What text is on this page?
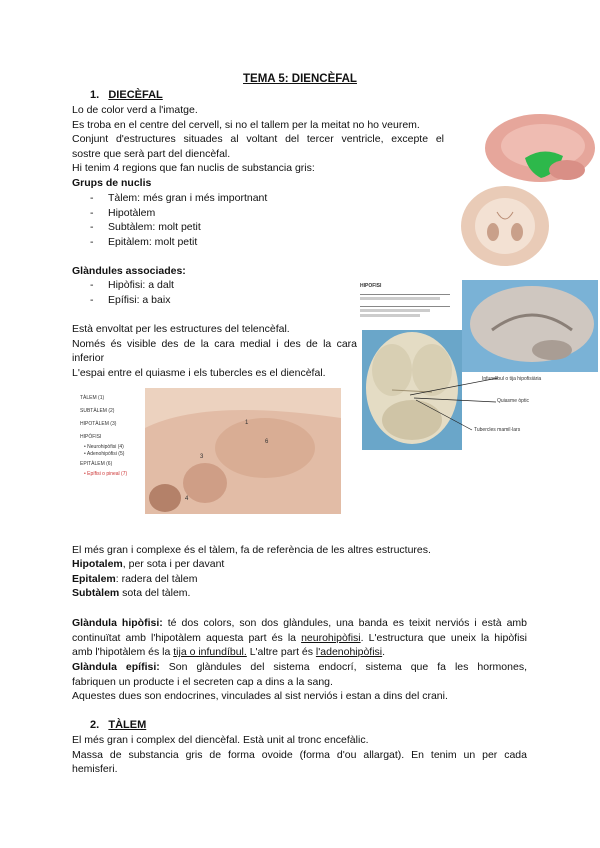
TEMA 5: DIENCÈFAL
1. DIECÈFAL
Lo de color verd a l'imatge.
Es troba en el centre del cervell, si no el tallem per la meitat no ho veurem.
Conjunt d'estructures situades al voltant del tercer ventricle, excepte el
sostre que serà part del diencèfal.
Hi tenim 4 regions que fan nuclis de substancia gris:
Grups de nuclis
- Tàlem: més gran i més importnant
- Hipotàlem
- Subtàlem: molt petit
- Epitàlem: molt petit
Glàndules associades:
- Hipòfisi: a dalt
- Epífisi: a baix
Està envoltat per les estructures del telencèfal.
Només és visible des de la cara medial i des de la cara
inferior
L'espai entre el quiasme i els tubercles es el diencèfal.
HIPÒFISI
Infundíbul o tija hipofisiària
Quiasme òptic
Tubercles mamil·lars
TÀLEM (1)
SUBTÀLEM (2)
HIPOTÀLEM (3)
HIPÒFISI
• Neurohipòfisi (4)
• Adenohipòfisi (5)
EPITÀLEM (6)
• Epífisi o pineal (7)
1
6
3
4
El més gran i complexe és el tàlem, fa de referència de les altres estructures.
Hipotalem, per sota i per davant
Epitalem: radera del tàlem
Subtàlem sota del tàlem.
Glàndula hipòfisi: té dos colors, son dos glàndules, una banda es teixit nerviós i està amb
continuïtat amb l'hipotàlem aquesta part és la neurohipòfisi. L'estructura que uneix la hipòfisi
amb l'hipotàlem és la tija o infundíbul. L'altre part és l'adenohipòfisi.
Glàndula epífisi: Son glàndules del sistema endocrí, sistema que fa les hormones,
fabriquen un producte i el secreten cap a dins a la sang.
Aquestes dues son endocrines, vinculades al sist nerviós i estan a dins del crani.
2. TÀLEM
El més gran i complex del diencèfal. Està unit al tronc encefàlic.
Massa de substancia gris de forma ovoide (forma d'ou allargat). En tenim un per cada
hemisferi.
